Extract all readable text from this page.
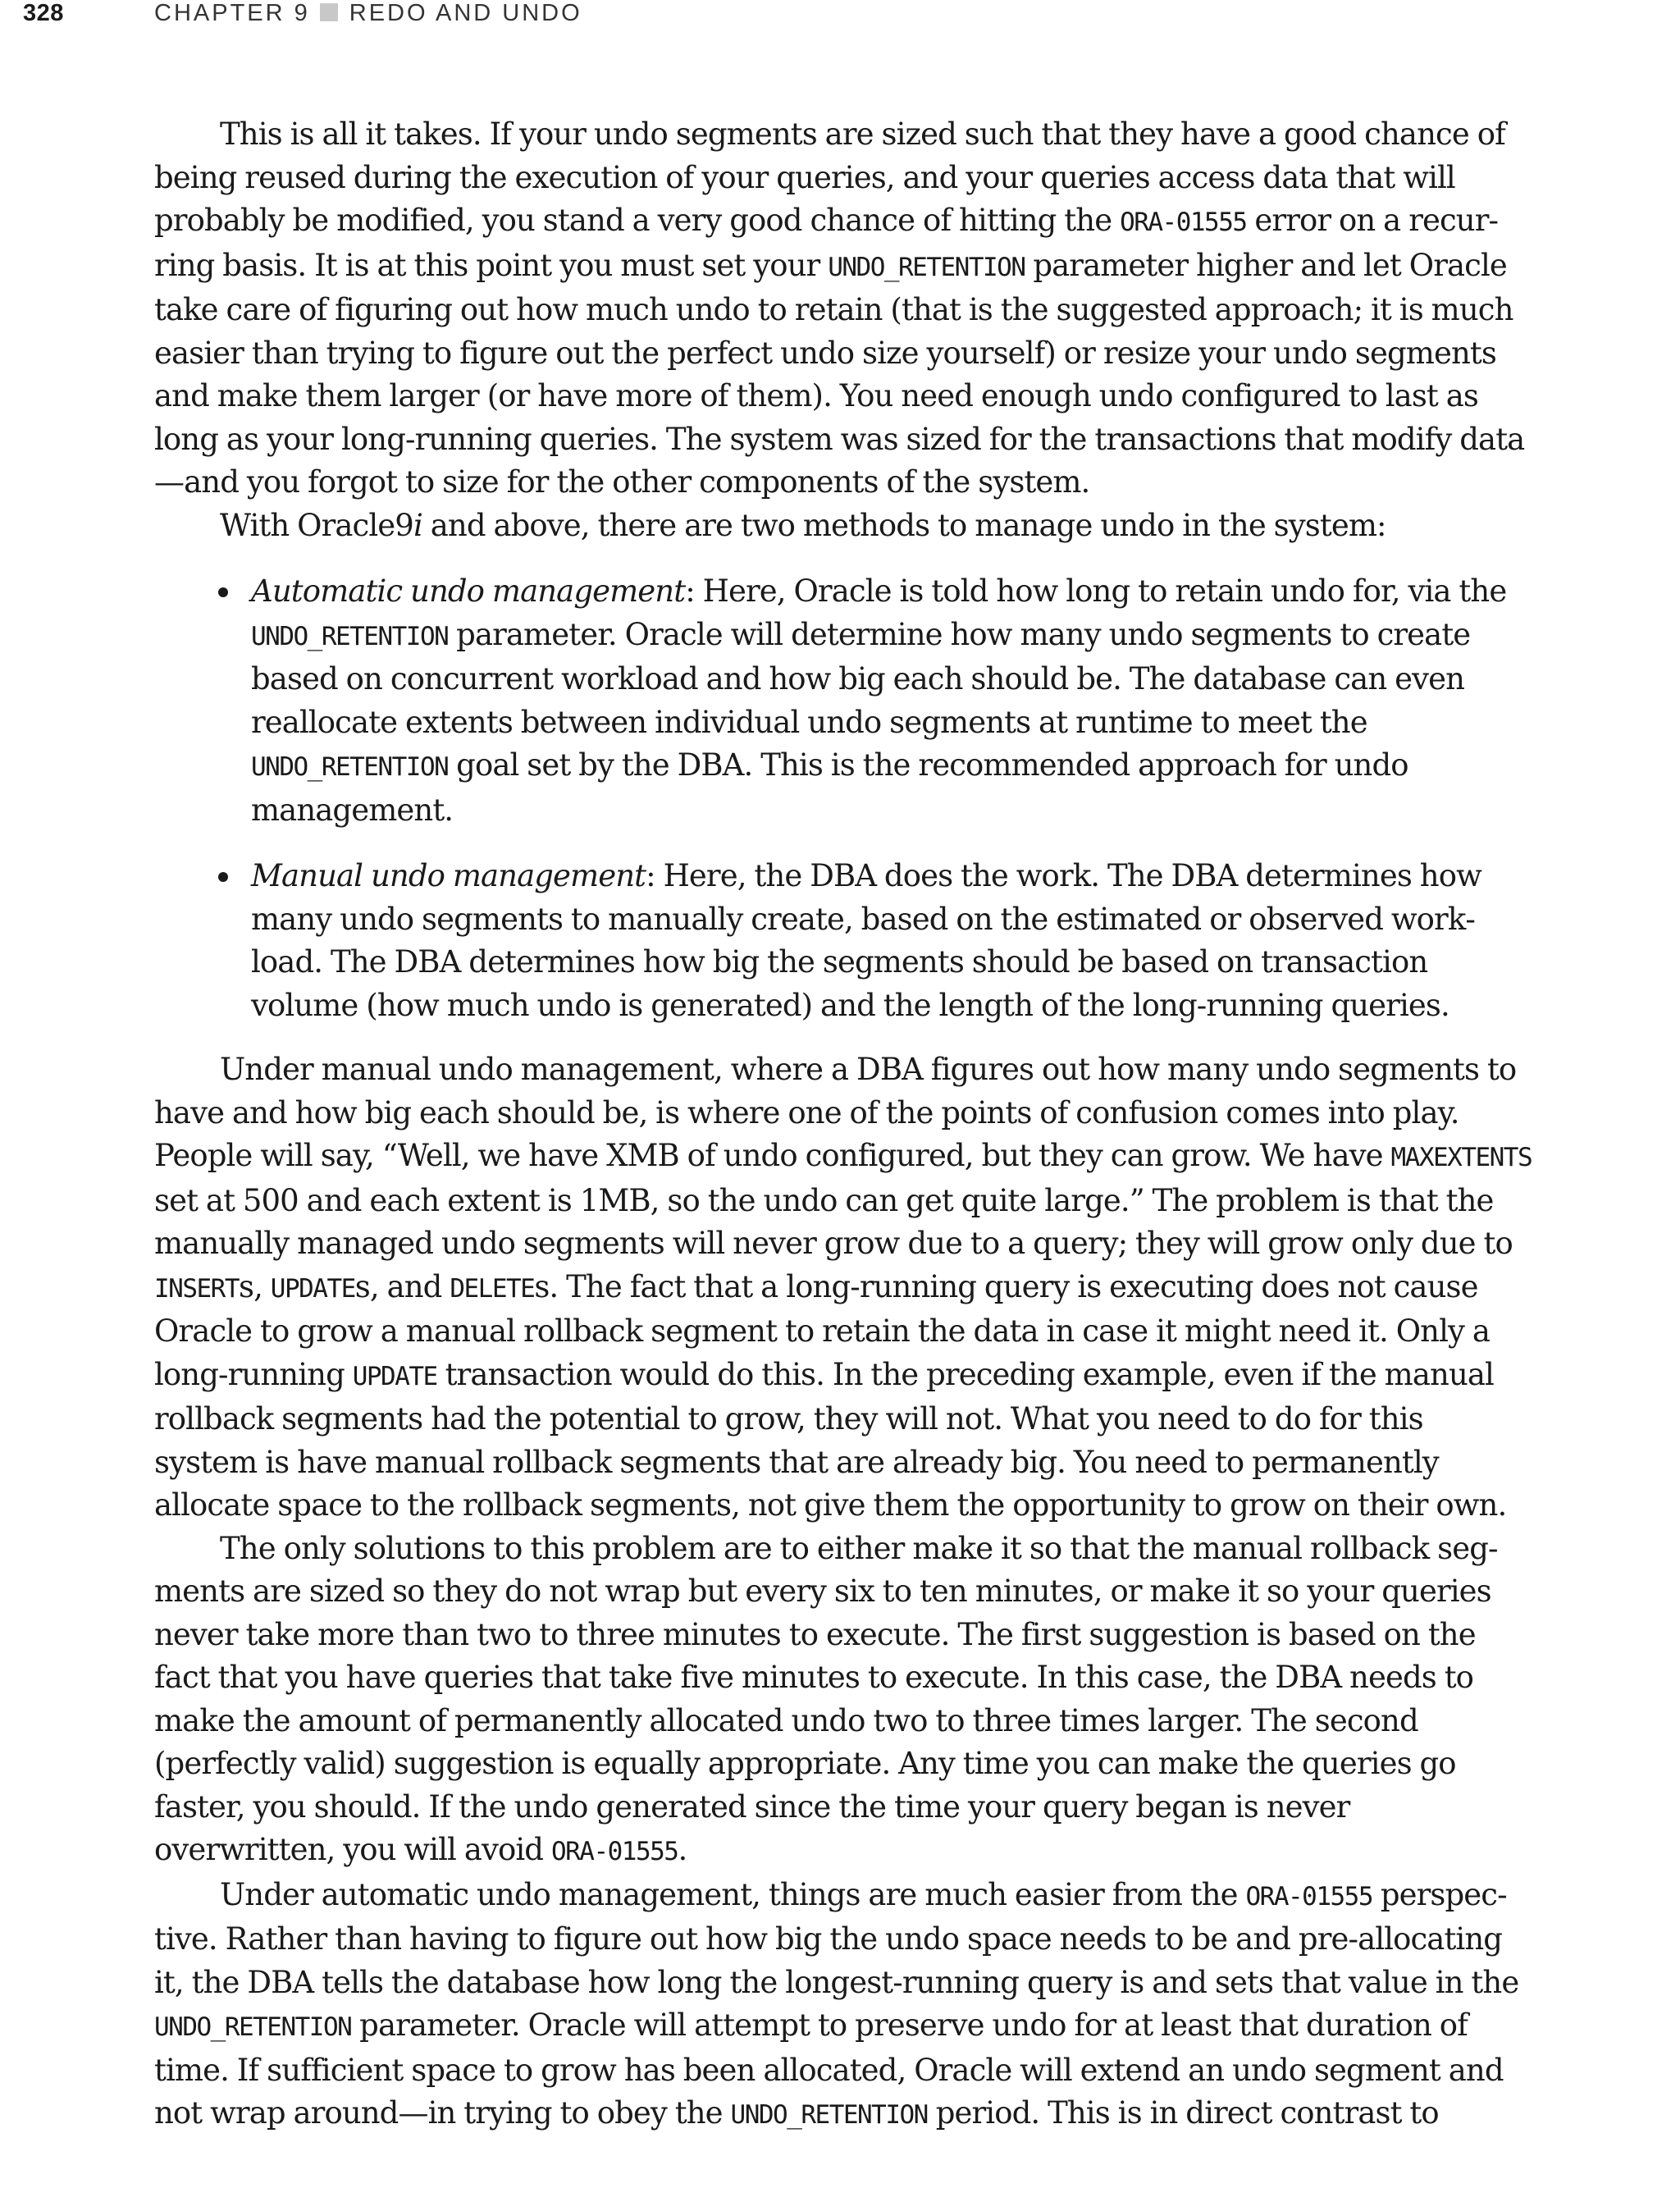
328	CHAPTER 9 REDO AND UNDO

This is all it takes. If your undo segments are sized such that they have a good chance of being reused during the execution of your queries, and your queries access data that will probably be modified, you stand a very good chance of hitting the ORA-01555 error on a recurring basis. It is at this point you must set your UNDO_RETENTION parameter higher and let Oracle take care of figuring out how much undo to retain (that is the suggested approach; it is much easier than trying to figure out the perfect undo size yourself) or resize your undo segments and make them larger (or have more of them). You need enough undo configured to last as long as your long-running queries. The system was sized for the transactions that modify data—and you forgot to size for the other components of the system.

With Oracle9i and above, there are two methods to manage undo in the system:

Automatic undo management: Here, Oracle is told how long to retain undo for, via the UNDO_RETENTION parameter. Oracle will determine how many undo segments to create based on concurrent workload and how big each should be. The database can even reallocate extents between individual undo segments at runtime to meet the UNDO_RETENTION goal set by the DBA. This is the recommended approach for undo management.
Manual undo management: Here, the DBA does the work. The DBA determines how many undo segments to manually create, based on the estimated or observed workload. The DBA determines how big the segments should be based on transaction volume (how much undo is generated) and the length of the long-running queries.

Under manual undo management, where a DBA figures out how many undo segments to have and how big each should be, is where one of the points of confusion comes into play. People will say, “Well, we have XMB of undo configured, but they can grow. We have MAXEXTENTS set at 500 and each extent is 1MB, so the undo can get quite large.” The problem is that the manually managed undo segments will never grow due to a query; they will grow only due to INSERTs, UPDATEs, and DELETEs. The fact that a long-running query is executing does not cause Oracle to grow a manual rollback segment to retain the data in case it might need it. Only a long-running UPDATE transaction would do this. In the preceding example, even if the manual rollback segments had the potential to grow, they will not. What you need to do for this system is have manual rollback segments that are already big. You need to permanently allocate space to the rollback segments, not give them the opportunity to grow on their own.

The only solutions to this problem are to either make it so that the manual rollback segments are sized so they do not wrap but every six to ten minutes, or make it so your queries never take more than two to three minutes to execute. The first suggestion is based on the fact that you have queries that take five minutes to execute. In this case, the DBA needs to make the amount of permanently allocated undo two to three times larger. The second (perfectly valid) suggestion is equally appropriate. Any time you can make the queries go faster, you should. If the undo generated since the time your query began is never overwritten, you will avoid ORA-01555.

Under automatic undo management, things are much easier from the ORA-01555 perspective. Rather than having to figure out how big the undo space needs to be and pre-allocating it, the DBA tells the database how long the longest-running query is and sets that value in the UNDO_RETENTION parameter. Oracle will attempt to preserve undo for at least that duration of time. If sufficient space to grow has been allocated, Oracle will extend an undo segment and not wrap around—in trying to obey the UNDO_RETENTION period. This is in direct contrast to
